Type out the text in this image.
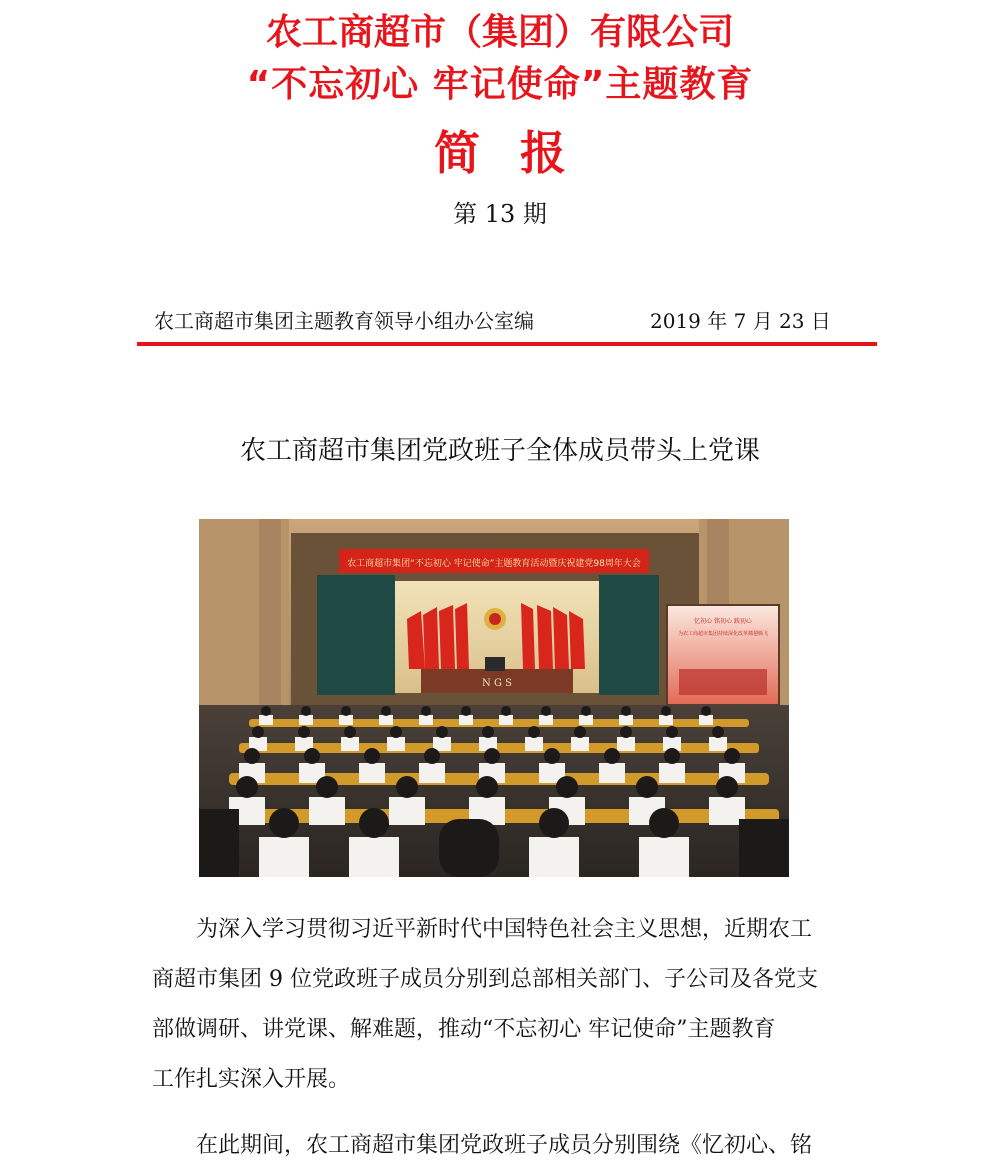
农工商超市（集团）有限公司
“不忘初心 牢记使命”主题教育
简报
第 13 期
农工商超市集团主题教育领导小组办公室编	2019 年 7 月 23 日
农工商超市集团党政班子全体成员带头上党课
农工商超市集团“不忘初心 牢记使命”主题教育活动暨庆祝建党98周年大会
N G S
忆初心 铭初心 践初心
为农工商超市集团持续深化改革插翅腾飞
为深入学习贯彻习近平新时代中国特色社会主义思想，近期农工
商超市集团 9 位党政班子成员分别到总部相关部门、子公司及各党支
部做调研、讲党课、解难题，推动“不忘初心 牢记使命”主题教育
工作扎实深入开展。
在此期间，农工商超市集团党政班子成员分别围绕《忆初心、铭
